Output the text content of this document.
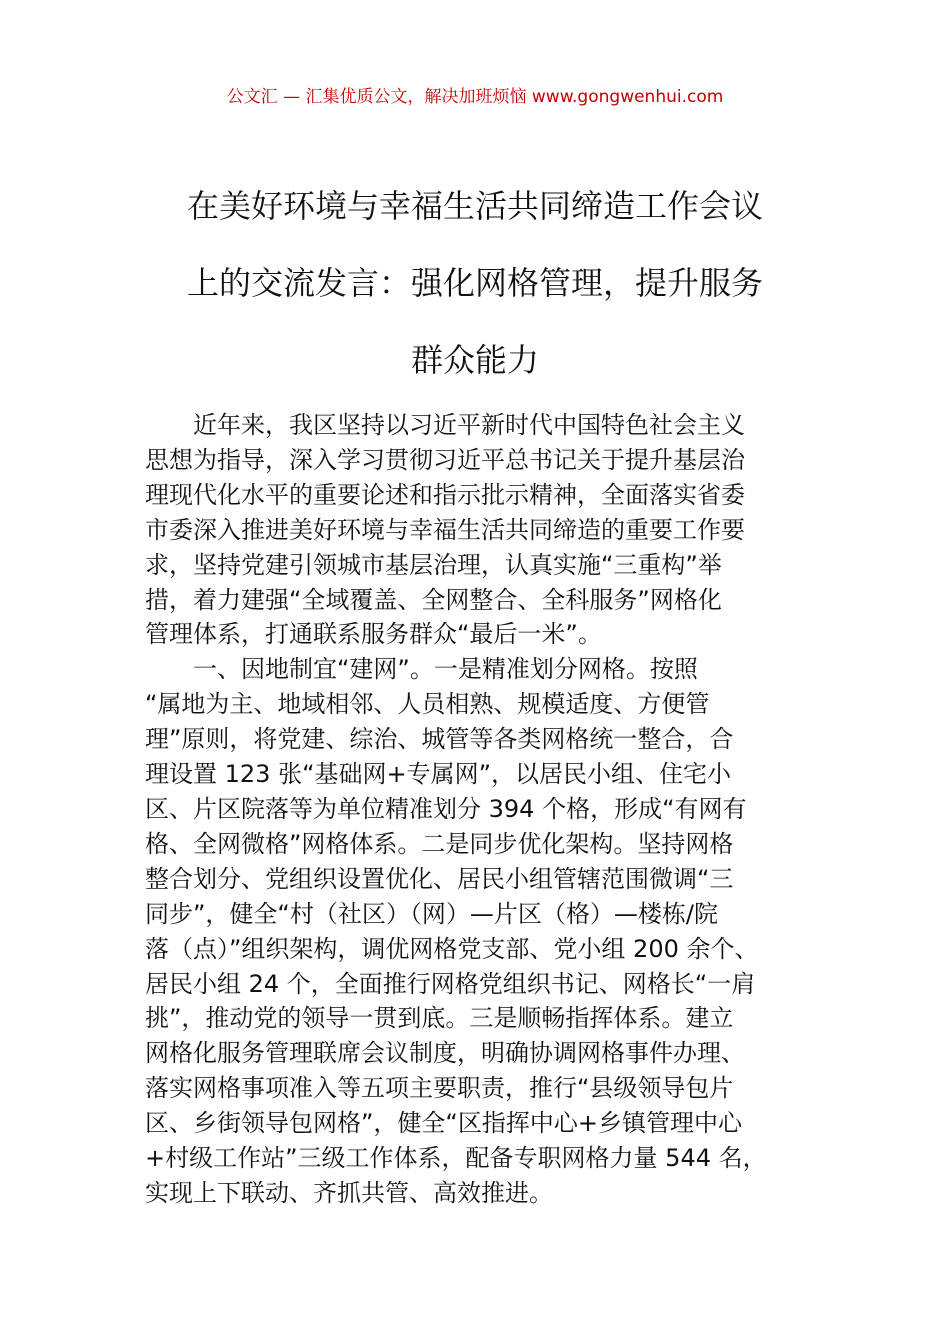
公文汇 — 汇集优质公文，解决加班烦恼 www.gongwenhui.com
在美好环境与幸福生活共同缔造工作会议
上的交流发言：强化网格管理，提升服务
群众能力
近年来，我区坚持以习近平新时代中国特色社会主义
思想为指导，深入学习贯彻习近平总书记关于提升基层治
理现代化水平的重要论述和指示批示精神，全面落实省委
市委深入推进美好环境与幸福生活共同缔造的重要工作要
求，坚持党建引领城市基层治理，认真实施“三重构”举
措，着力建强“全域覆盖、全网整合、全科服务”网格化
管理体系，打通联系服务群众“最后一米”。
一、因地制宜“建网”。一是精准划分网格。按照
“属地为主、地域相邻、人员相熟、规模适度、方便管
理”原则，将党建、综治、城管等各类网格统一整合，合
理设置 123 张“基础网+专属网”，以居民小组、住宅小
区、片区院落等为单位精准划分 394 个格，形成“有网有
格、全网微格”网格体系。二是同步优化架构。坚持网格
整合划分、党组织设置优化、居民小组管辖范围微调“三
同步”，健全“村（社区）（网）—片区（格）—楼栋/院
落（点）”组织架构，调优网格党支部、党小组 200 余个、
居民小组 24 个，全面推行网格党组织书记、网格长“一肩
挑”，推动党的领导一贯到底。三是顺畅指挥体系。建立
网格化服务管理联席会议制度，明确协调网格事件办理、
落实网格事项准入等五项主要职责，推行“县级领导包片
区、乡街领导包网格”，健全“区指挥中心+乡镇管理中心
+村级工作站”三级工作体系，配备专职网格力量 544 名，
实现上下联动、齐抓共管、高效推进。
